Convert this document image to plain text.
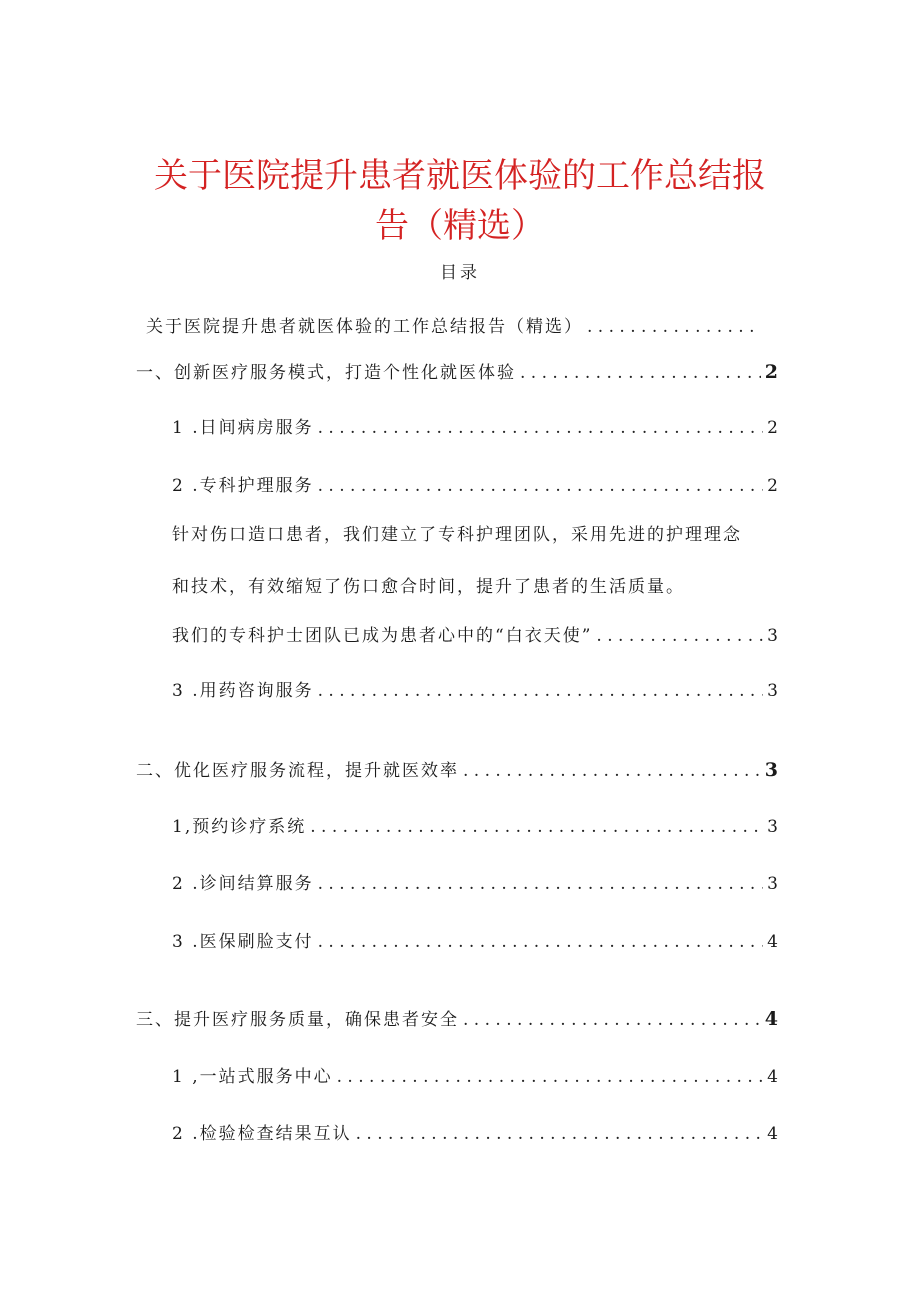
关于医院提升患者就医体验的工作总结报
告（精选）
目录
关于医院提升患者就医体验的工作总结报告（精选）
. . .
一、创新医疗服务模式，打造个性化就医体验 . . .	2
1 .日间病房服务 . . .	2
2 .专科护理服务 . . .	2
针对伤口造口患者，我们建立了专科护理团队，采用先进的护理理念
和技术，有效缩短了伤口愈合时间，提升了患者的生活质量。
我们的专科护士团队已成为患者心中的“白衣天使” . . .	3
3 .用药咨询服务 . . .	3
二、优化医疗服务流程，提升就医效率 . . .	3
1,预约诊疗系统 . . .	3
2 .诊间结算服务 . . .	3
3 .医保刷脸支付 . . .	4
三、提升医疗服务质量，确保患者安全 . . .	4
1 ,一站式服务中心 . . .	4
2 .检验检查结果互认 . . .	4
